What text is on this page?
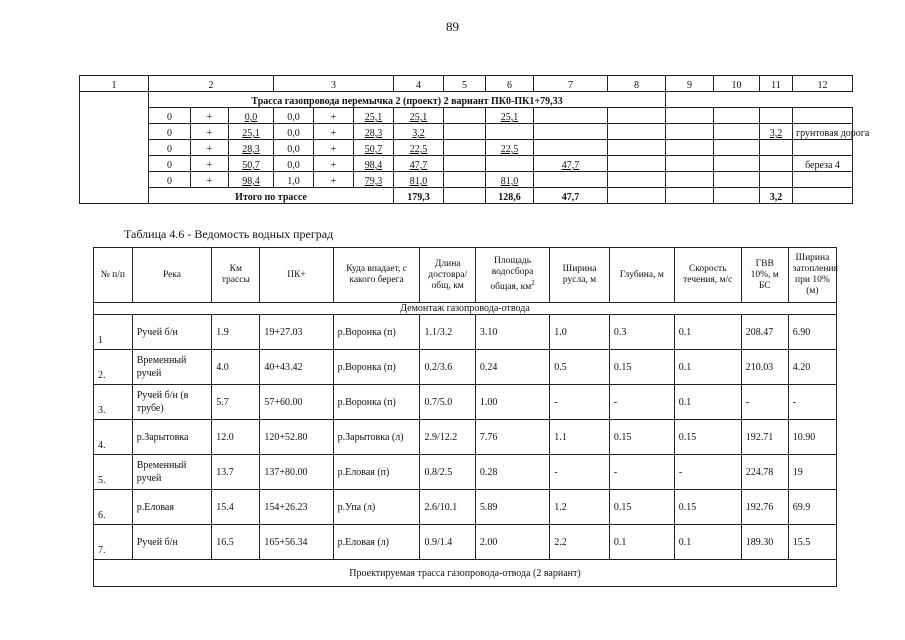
89
1	2			3			4	5	6	7	8	9	10	11	12
	Трасса газопровода перемычка 2 (проект) 2 вариант ПК0-ПК1+79,33														
	0	+	0,0	0,0	+	25,1	25,1		25,1						
	0	+	25,1	0,0	+	28,3	3,2							3,2	грунтовая дорога
	0	+	28,3	0,0	+	50,7	22,5		22,5						
	0	+	50,7	0,0	+	98,4	47,7			47,7					береза 4
	0	+	98,4	1,0	+	79,3	81,0		81,0						
	Итого по трассе						179,3		128,6	47,7				3,2	
Таблица 4.6 - Ведомость водных преград
№ п/п	Река	Км трассы	ПК+	Куда впадает, с какого берега	Длина достовра/ общ, км	Площадь водосбора общая, $км^2$	Ширина русла, м	Глубина, м	Скорость течения, м/с	ГВВ 10%, м БС	Ширина затопления при 10% (м)
Демонтаж газопровода-отвода											
1	Ручей б/н	1.9	19+27.03	р.Воронка (п)	1.1/3.2	3.10	1.0	0.3	0.1	208.47	6.90
2.	Временный ручей	4.0	40+43.42	р.Воронка (п)	0.2/3.6	0.24	0.5	0.15	0.1	210.03	4.20
3.	Ручей б/н (в трубе)	5.7	57+60.00	р.Воронка (п)	0.7/5.0	1.00	-	-	0.1	-	-
4.	р.Зарытовка	12.0	120+52.80	р.Зарытовка (л)	2.9/12.2	7.76	1.1	0.15	0.15	192.71	10.90
5.	Временный ручей	13.7	137+80.00	р.Еловая (п)	0.8/2.5	0.28	-	-	-	224.78	19
6.	р.Еловая	15.4	154+26.23	р.Упа (л)	2.6/10.1	5.89	1.2	0.15	0.15	192.76	69.9
7.	Ручей б/н	16.5	165+56.34	р.Еловая (л)	0.9/1.4	2.00	2.2	0.1	0.1	189.30	15.5
Проектируемая трасса газопровода-отвода (2 вариант)											
